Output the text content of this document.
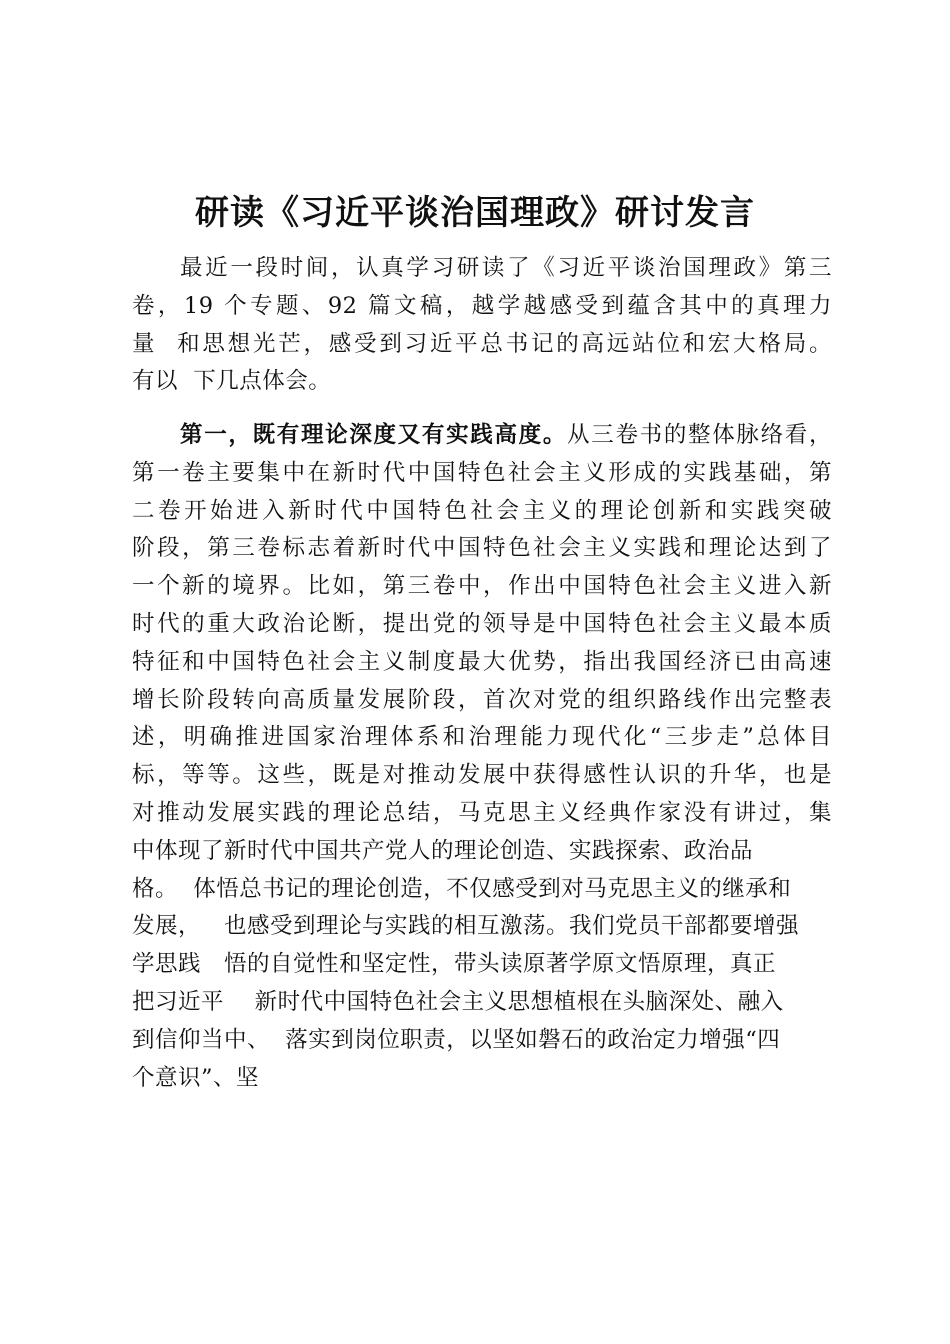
研读《习近平谈治国理政》研讨发言
最近一段时间，认真学习研读了《习近平谈治国理政》第三
卷，19 个专题、92 篇文稿，越学越感受到蕴含其中的真理力
量  和思想光芒，感受到习近平总书记的高远站位和宏大格局。
有以  下几点体会。
第一，既有理论深度又有实践高度。从三卷书的整体脉络看，
第一卷主要集中在新时代中国特色社会主义形成的实践基础，第
二卷开始进入新时代中国特色社会主义的理论创新和实践突破
阶段，第三卷标志着新时代中国特色社会主义实践和理论达到了
一个新的境界。比如，第三卷中，作出中国特色社会主义进入新
时代的重大政治论断，提出党的领导是中国特色社会主义最本质
特征和中国特色社会主义制度最大优势，指出我国经济已由高速
增长阶段转向高质量发展阶段，首次对党的组织路线作出完整表
述，明确推进国家治理体系和治理能力现代化“三步走”总体目
标，等等。这些，既是对推动发展中获得感性认识的升华，也是
对推动发展实践的理论总结，马克思主义经典作家没有讲过，集
中体现了新时代中国共产党人的理论创造、实践探索、政治品
格。  体悟总书记的理论创造，不仅感受到对马克思主义的继承和
发展，   也感受到理论与实践的相互激荡。我们党员干部都要增强
学思践   悟的自觉性和坚定性，带头读原著学原文悟原理，真正
把习近平    新时代中国特色社会主义思想植根在头脑深处、融入
到信仰当中、  落实到岗位职责，以坚如磐石的政治定力增强“四
个意识”、坚
